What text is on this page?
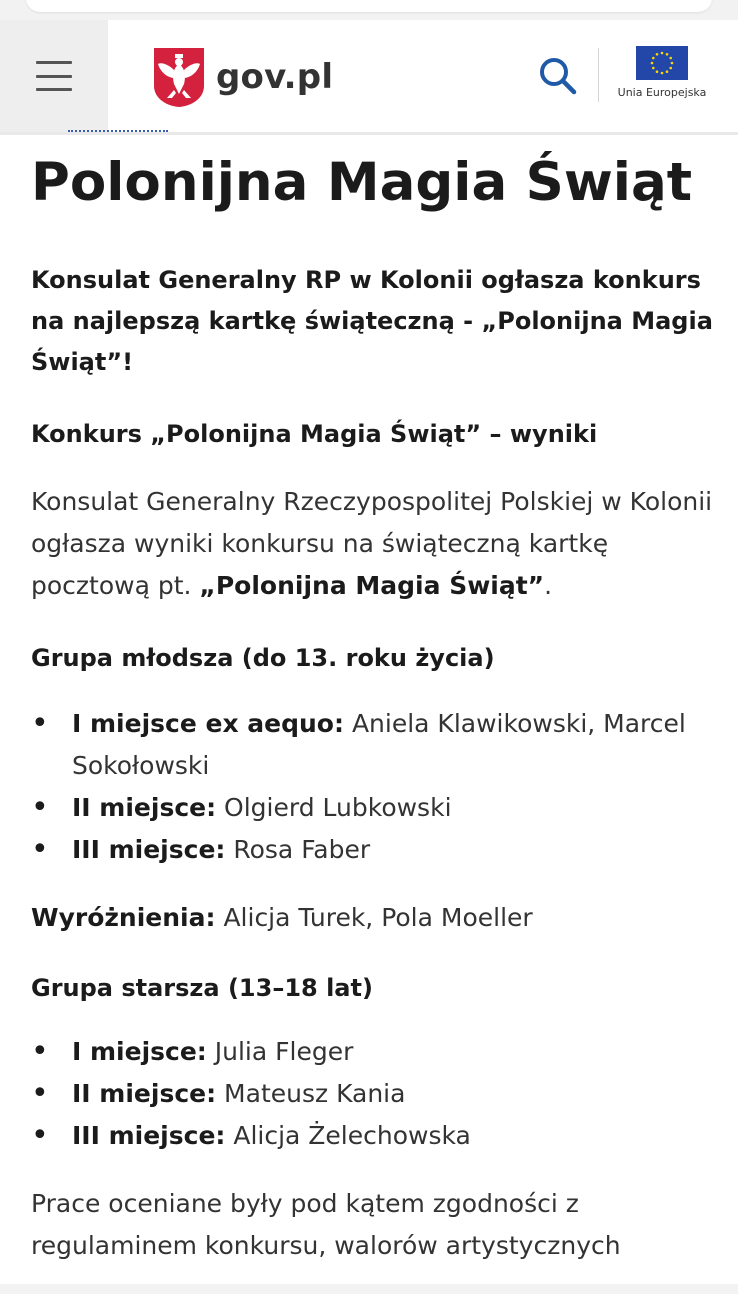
gov.pl	Unia Europejska
Polonijna Magia Świąt

Konsulat Generalny RP w Kolonii ogłasza konkurs na najlepszą kartkę świąteczną - „Polonijna Magia Świąt”!

Konkurs „Polonijna Magia Świąt” – wyniki

Konsulat Generalny Rzeczypospolitej Polskiej w Kolonii ogłasza wyniki konkursu na świąteczną kartkę pocztową pt. „Polonijna Magia Świąt”.

Grupa młodsza (do 13. roku życia)

• I miejsce ex aequo: Aniela Klawikowski, Marcel Sokołowski
• II miejsce: Olgierd Lubkowski
• III miejsce: Rosa Faber

Wyróżnienia: Alicja Turek, Pola Moeller

Grupa starsza (13–18 lat)

• I miejsce: Julia Fleger
• II miejsce: Mateusz Kania
• III miejsce: Alicja Żelechowska

Prace oceniane były pod kątem zgodności z regulaminem konkursu, walorów artystycznych
